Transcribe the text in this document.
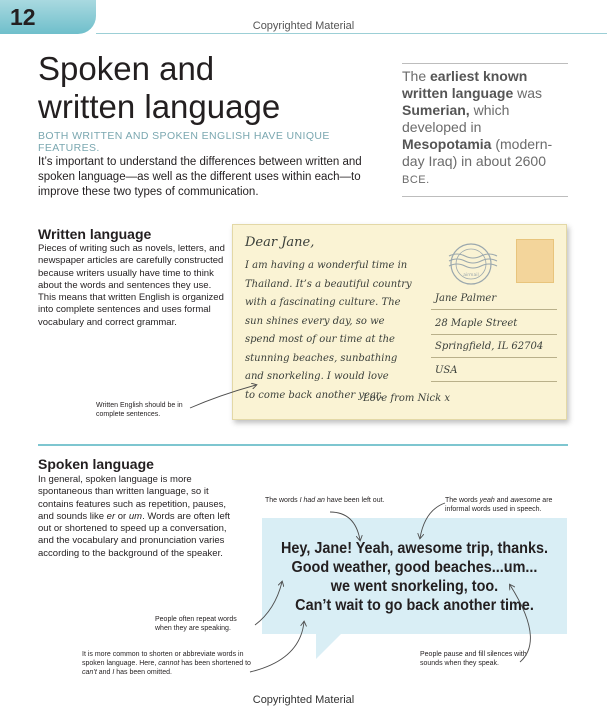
12	Copyrighted Material
Spoken and
written language
BOTH WRITTEN AND SPOKEN ENGLISH HAVE UNIQUE FEATURES.

It’s important to understand the differences between written and spoken language—as well as the different uses within each—to improve these two types of communication.

The earliest known written language was Sumerian, which developed in Mesopotamia (modern-day Iraq) in about 2600 BCE.

Written language

Pieces of writing such as novels, letters, and newspaper articles are carefully constructed because writers usually have time to think about the words and sentences they use. This means that written English is organized into complete sentences and uses formal vocabulary and correct grammar.

Written English should be in complete sentences.

Dear Jane,
I am having a wonderful time in
Thailand. It’s a beautiful country
with a fascinating culture. The
sun shines every day, so we
spend most of our time at the
stunning beaches, sunbathing
and snorkeling. I would love
to come back another year.
Love from Nick x
airmail
Jane Palmer
28 Maple Street
Springfield, IL 62704
USA
Spoken language

In general, spoken language is more spontaneous than written language, so it contains features such as repetition, pauses, and sounds like er or um. Words are often left out or shortened to speed up a conversation, and the vocabulary and pronunciation varies according to the background of the speaker.	Hey, Jane! Yeah, awesome trip, thanks.
Good weather, good beaches...um...
we went snorkeling, too.
Can’t wait to go back another time.

The words I had an have been left out.	The words yeah and awesome are informal words used in speech.

People often repeat words when they are speaking.

It is more common to shorten or abbreviate words in spoken language. Here, cannot has been shortened to can’t and I has been omitted.

People pause and fill silences with sounds when they speak.

Copyrighted Material
